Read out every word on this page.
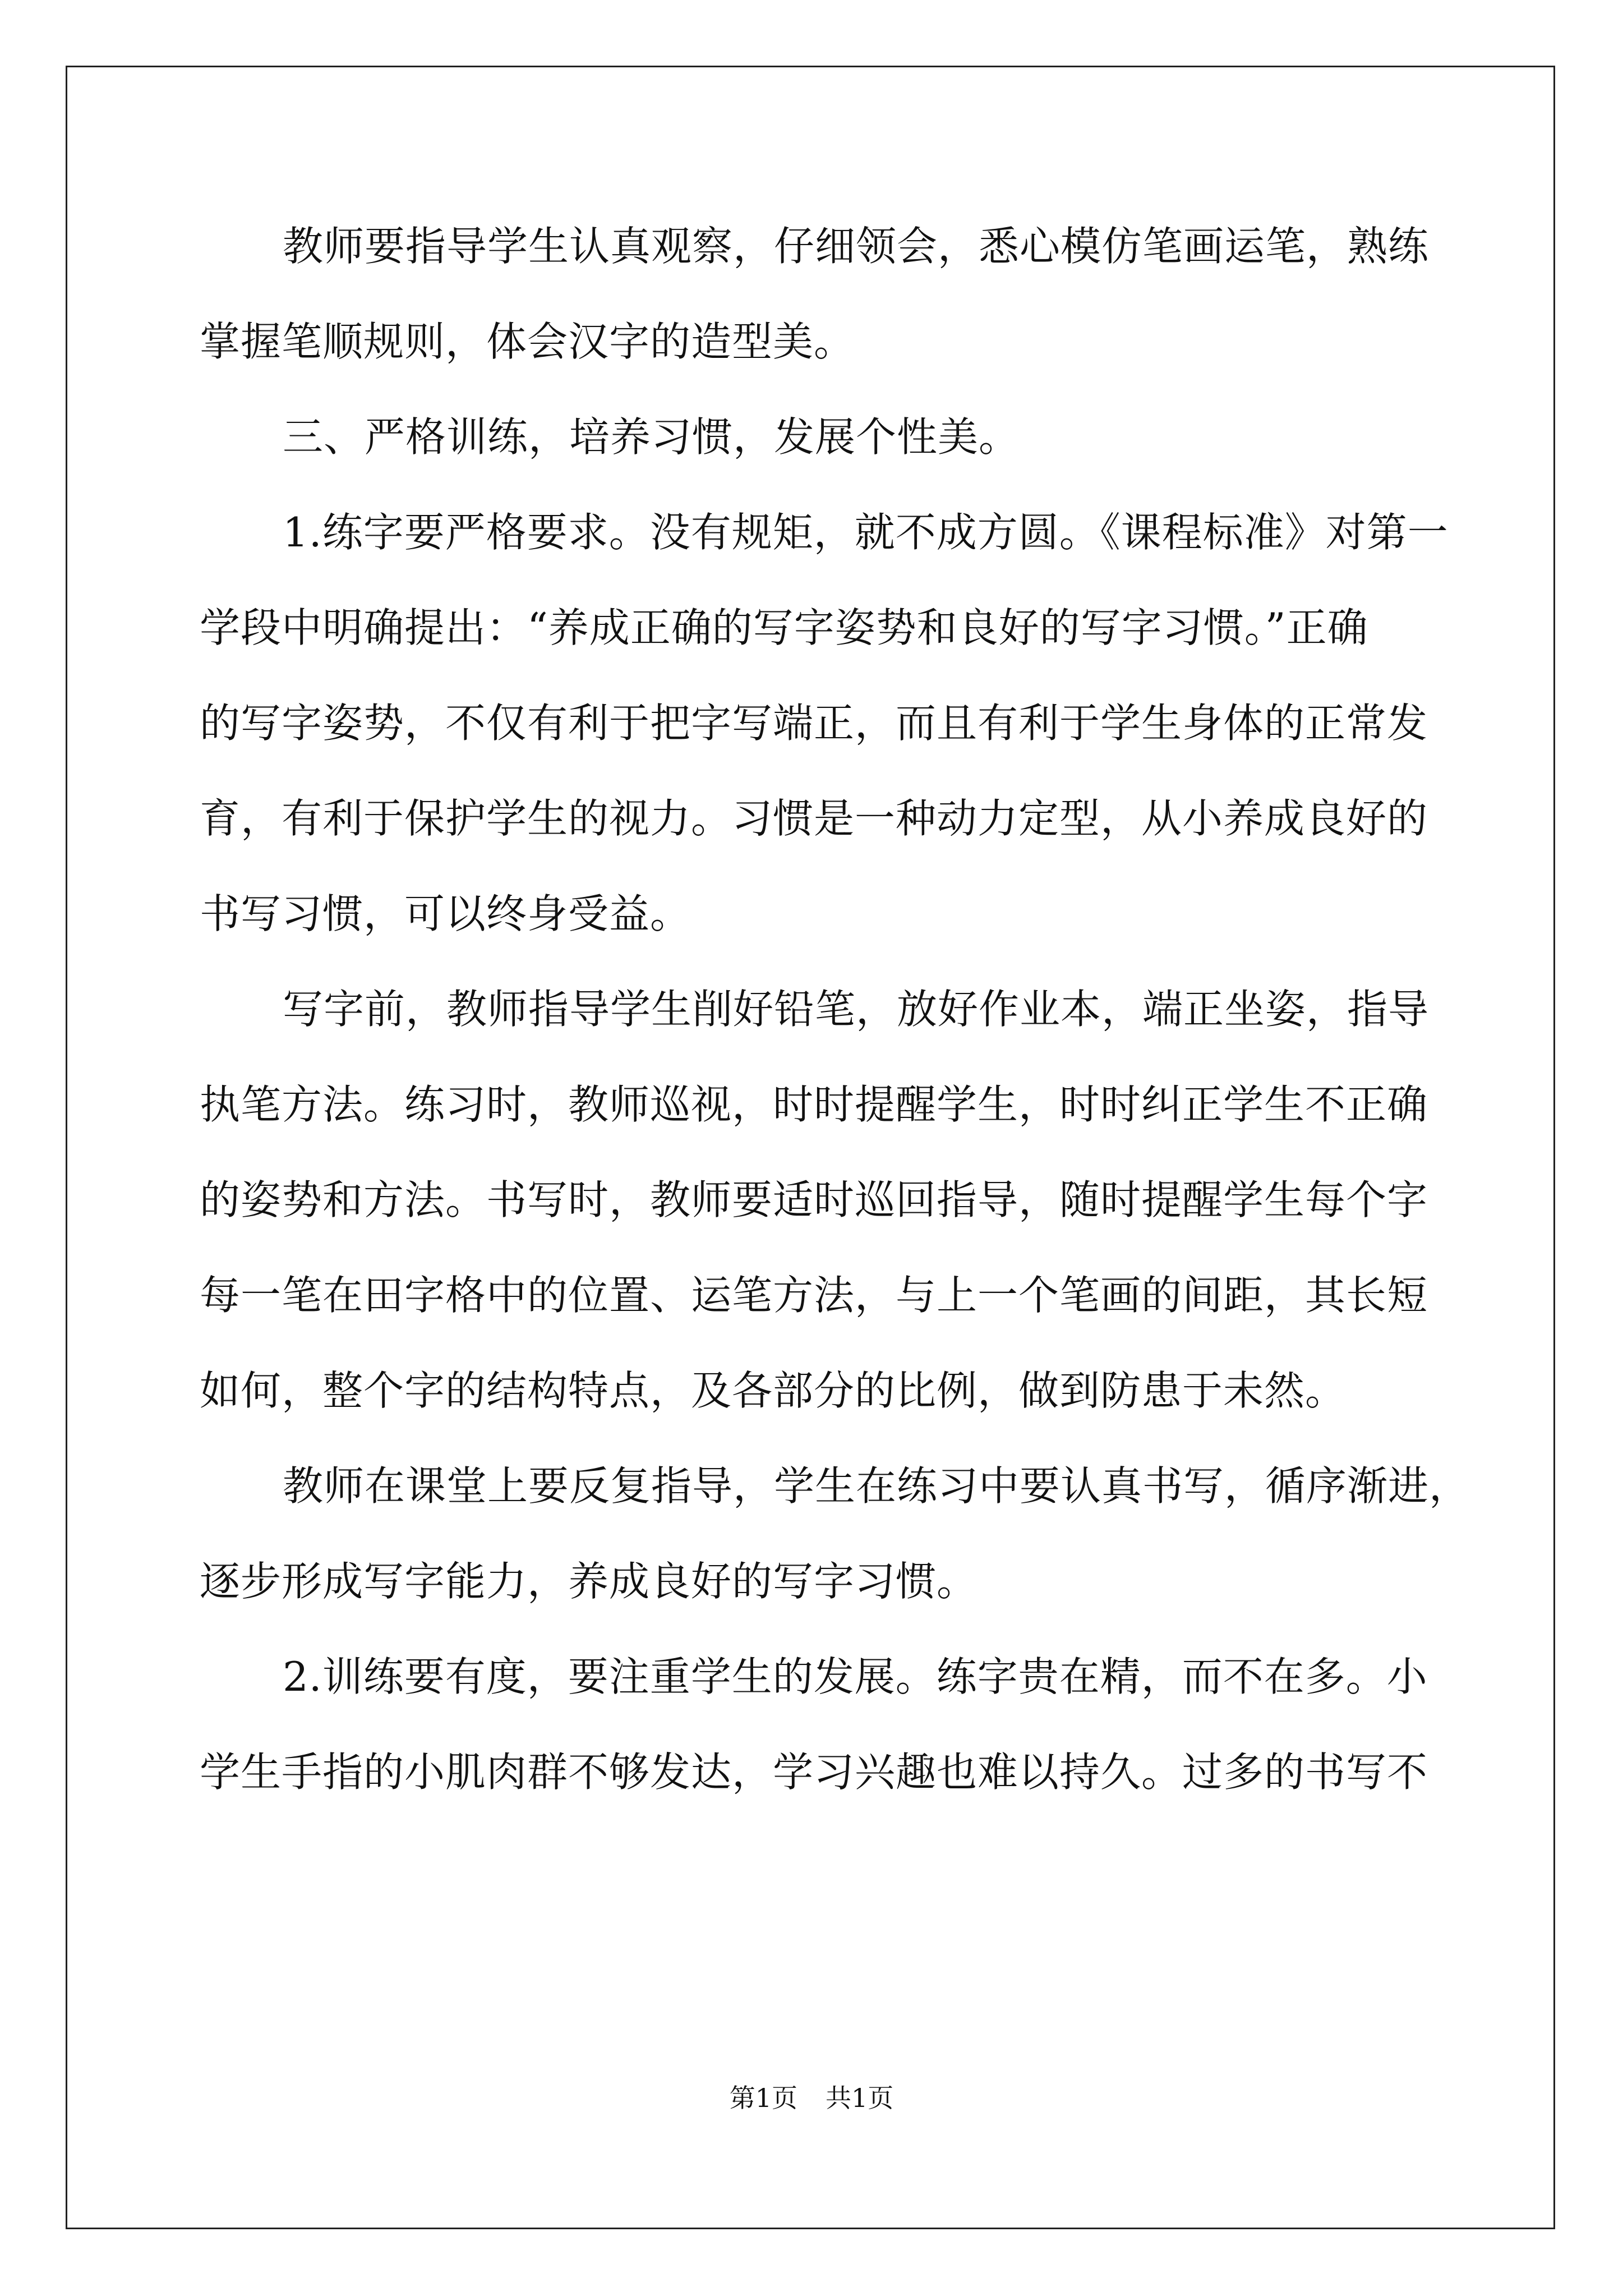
教师要指导学生认真观察，仔细领会，悉心模仿笔画运笔，熟练
掌握笔顺规则，体会汉字的造型美。
三、严格训练，培养习惯，发展个性美。
1.练字要严格要求。没有规矩，就不成方圆。《课程标准》对第一
学段中明确提出：“养成正确的写字姿势和良好的写字习惯。”正确
的写字姿势，不仅有利于把字写端正，而且有利于学生身体的正常发
育，有利于保护学生的视力。习惯是一种动力定型，从小养成良好的
书写习惯，可以终身受益。
写字前，教师指导学生削好铅笔，放好作业本，端正坐姿，指导
执笔方法。练习时，教师巡视，时时提醒学生，时时纠正学生不正确
的姿势和方法。书写时，教师要适时巡回指导，随时提醒学生每个字
每一笔在田字格中的位置、运笔方法，与上一个笔画的间距，其长短
如何，整个字的结构特点，及各部分的比例，做到防患于未然。
教师在课堂上要反复指导，学生在练习中要认真书写，循序渐进，
逐步形成写字能力，养成良好的写字习惯。
2.训练要有度，要注重学生的发展。练字贵在精，而不在多。小
学生手指的小肌肉群不够发达，学习兴趣也难以持久。过多的书写不
第1页 共1页
